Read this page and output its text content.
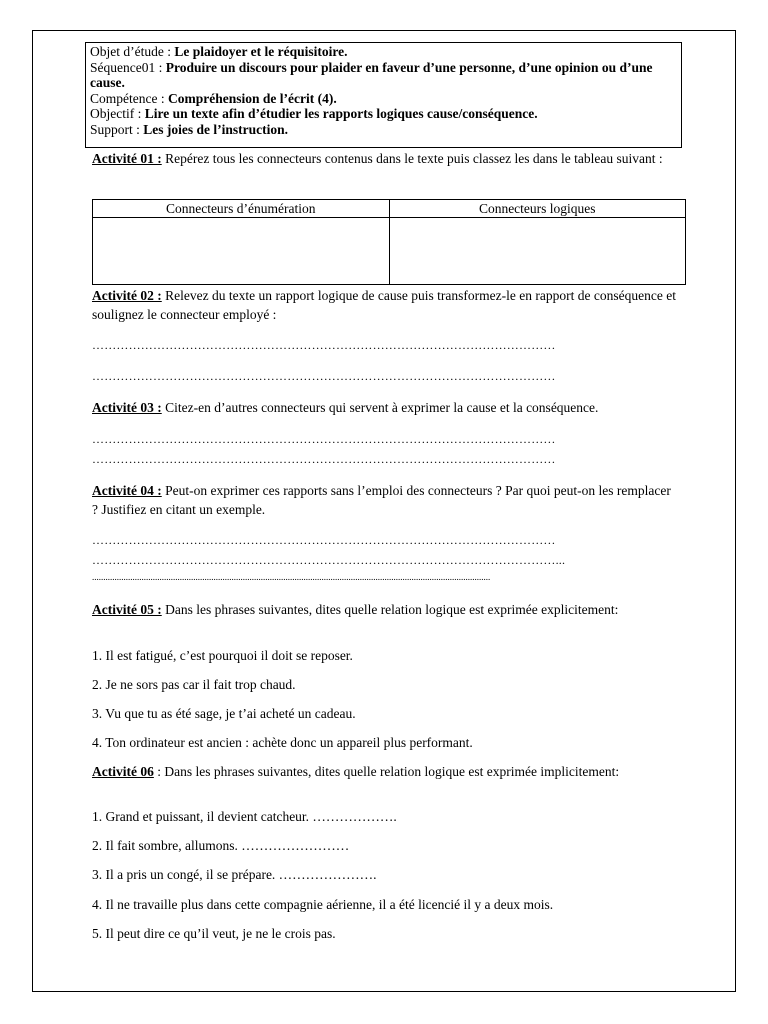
Objet d’étude : Le plaidoyer et le réquisitoire.
Séquence01 : Produire un discours pour plaider en faveur d’une personne, d’une opinion ou d’une cause.
Compétence : Compréhension de l’écrit (4).
Objectif : Lire un texte afin d’étudier les rapports logiques cause/conséquence.
Support : Les joies de l’instruction.
Activité 01 : Repérez tous les connecteurs contenus dans le texte puis classez les dans le tableau suivant :
Connecteurs d’énumération	Connecteurs logiques

Activité 02 : Relevez du texte un rapport logique de cause puis transformez-le en rapport de conséquence et soulignez le connecteur employé :
……………………………………………………………………………………………………
……………………………………………………………………………………………………
Activité 03 : Citez-en d’autres connecteurs qui servent à exprimer la cause et la conséquence.
……………………………………………………………………………………………………
……………………………………………………………………………………………………
Activité 04 : Peut-on exprimer ces rapports sans l’emploi des connecteurs ? Par quoi peut-on les remplacer ? Justifiez en citant un exemple.
……………………………………………………………………………………………………
……………………………………………………………………………………………………...
.................................................................................................................................................................................
Activité 05 : Dans les phrases suivantes, dites quelle relation logique est exprimée explicitement:
1. Il est fatigué, c’est pourquoi il doit se reposer.
2. Je ne sors pas car il fait trop chaud.
3. Vu que tu as été sage, je t’ai acheté un cadeau.
4. Ton ordinateur est ancien : achète donc un appareil plus performant.
Activité 06 : Dans les phrases suivantes, dites quelle relation logique est exprimée implicitement:
1. Grand et puissant, il devient catcheur. ……………….
2. Il fait sombre, allumons. ……………………
3. Il a pris un congé, il se prépare. ………………….
4. Il ne travaille plus dans cette compagnie aérienne, il a été licencié il y a deux mois.
5. Il peut dire ce qu’il veut, je ne le crois pas.
